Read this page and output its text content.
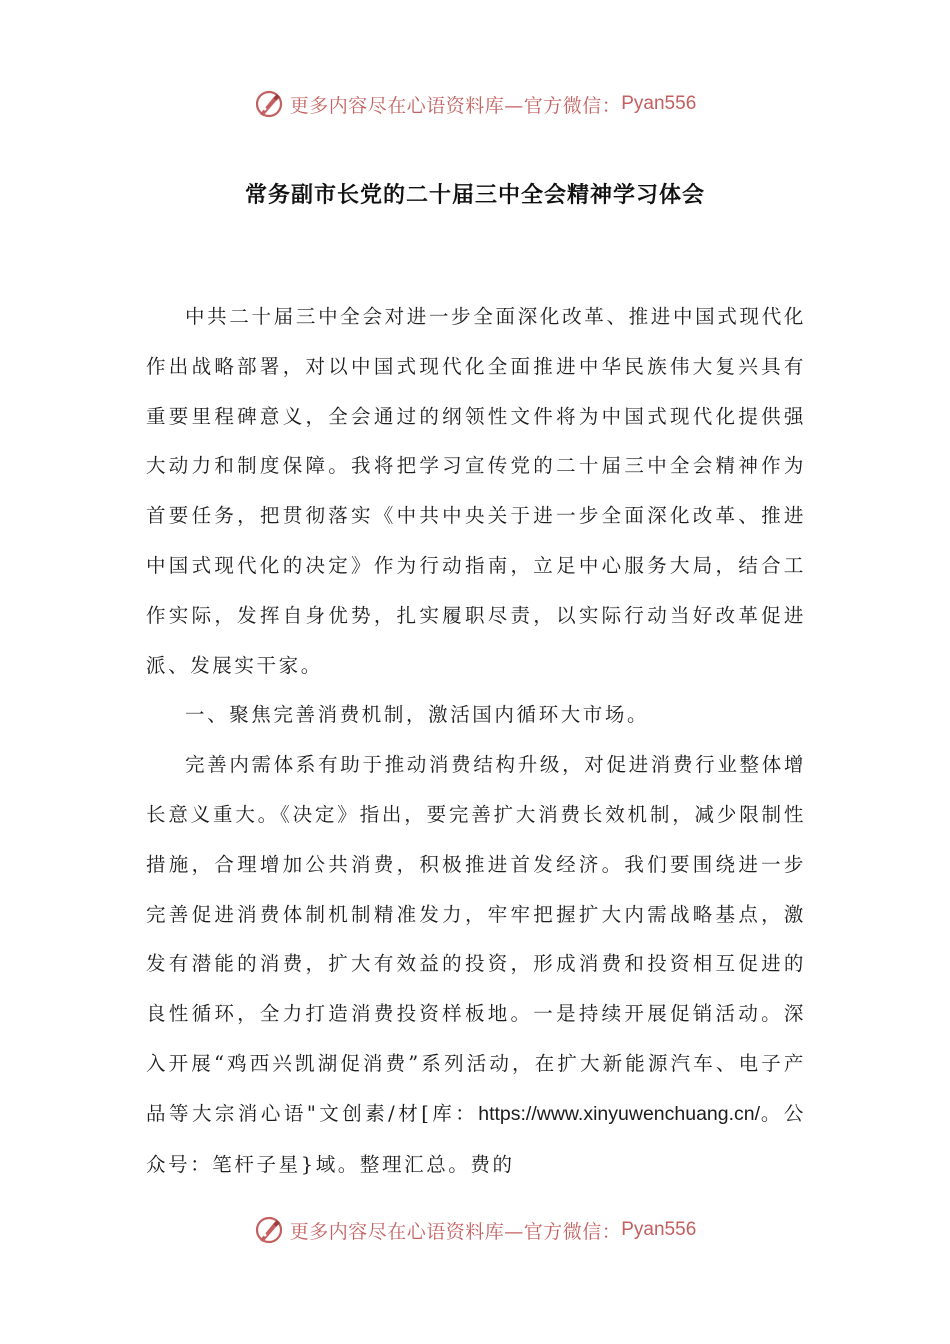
更多内容尽在心语资料库—官方微信： Pyan556
常务副市长党的二十届三中全会精神学习体会

中共二十届三中全会对进一步全面深化改革、推进中国式现代化作出战略部署，对以中国式现代化全面推进中华民族伟大复兴具有重要里程碑意义，全会通过的纲领性文件将为中国式现代化提供强大动力和制度保障。我将把学习宣传党的二十届三中全会精神作为首要任务，把贯彻落实《中共中央关于进一步全面深化改革、推进中国式现代化的决定》作为行动指南，立足中心服务大局，结合工作实际，发挥自身优势，扎实履职尽责，以实际行动当好改革促进派、发展实干家。

一、聚焦完善消费机制，激活国内循环大市场。

完善内需体系有助于推动消费结构升级，对促进消费行业整体增长意义重大。《决定》指出，要完善扩大消费长效机制，减少限制性措施，合理增加公共消费，积极推进首发经济。我们要围绕进一步完善促进消费体制机制精准发力，牢牢把握扩大内需战略基点，激发有潜能的消费，扩大有效益的投资，形成消费和投资相互促进的良性循环，全力打造消费投资样板地。一是持续开展促销活动。深入开展“鸡西兴凯湖促消费”系列活动，在扩大新能源汽车、电子产品等大宗消心语"文创素/材[库：https://www.xinyuwenchuang.cn/。公众号：笔杆子星}域。整理汇总。费的

更多内容尽在心语资料库—官方微信： Pyan556
